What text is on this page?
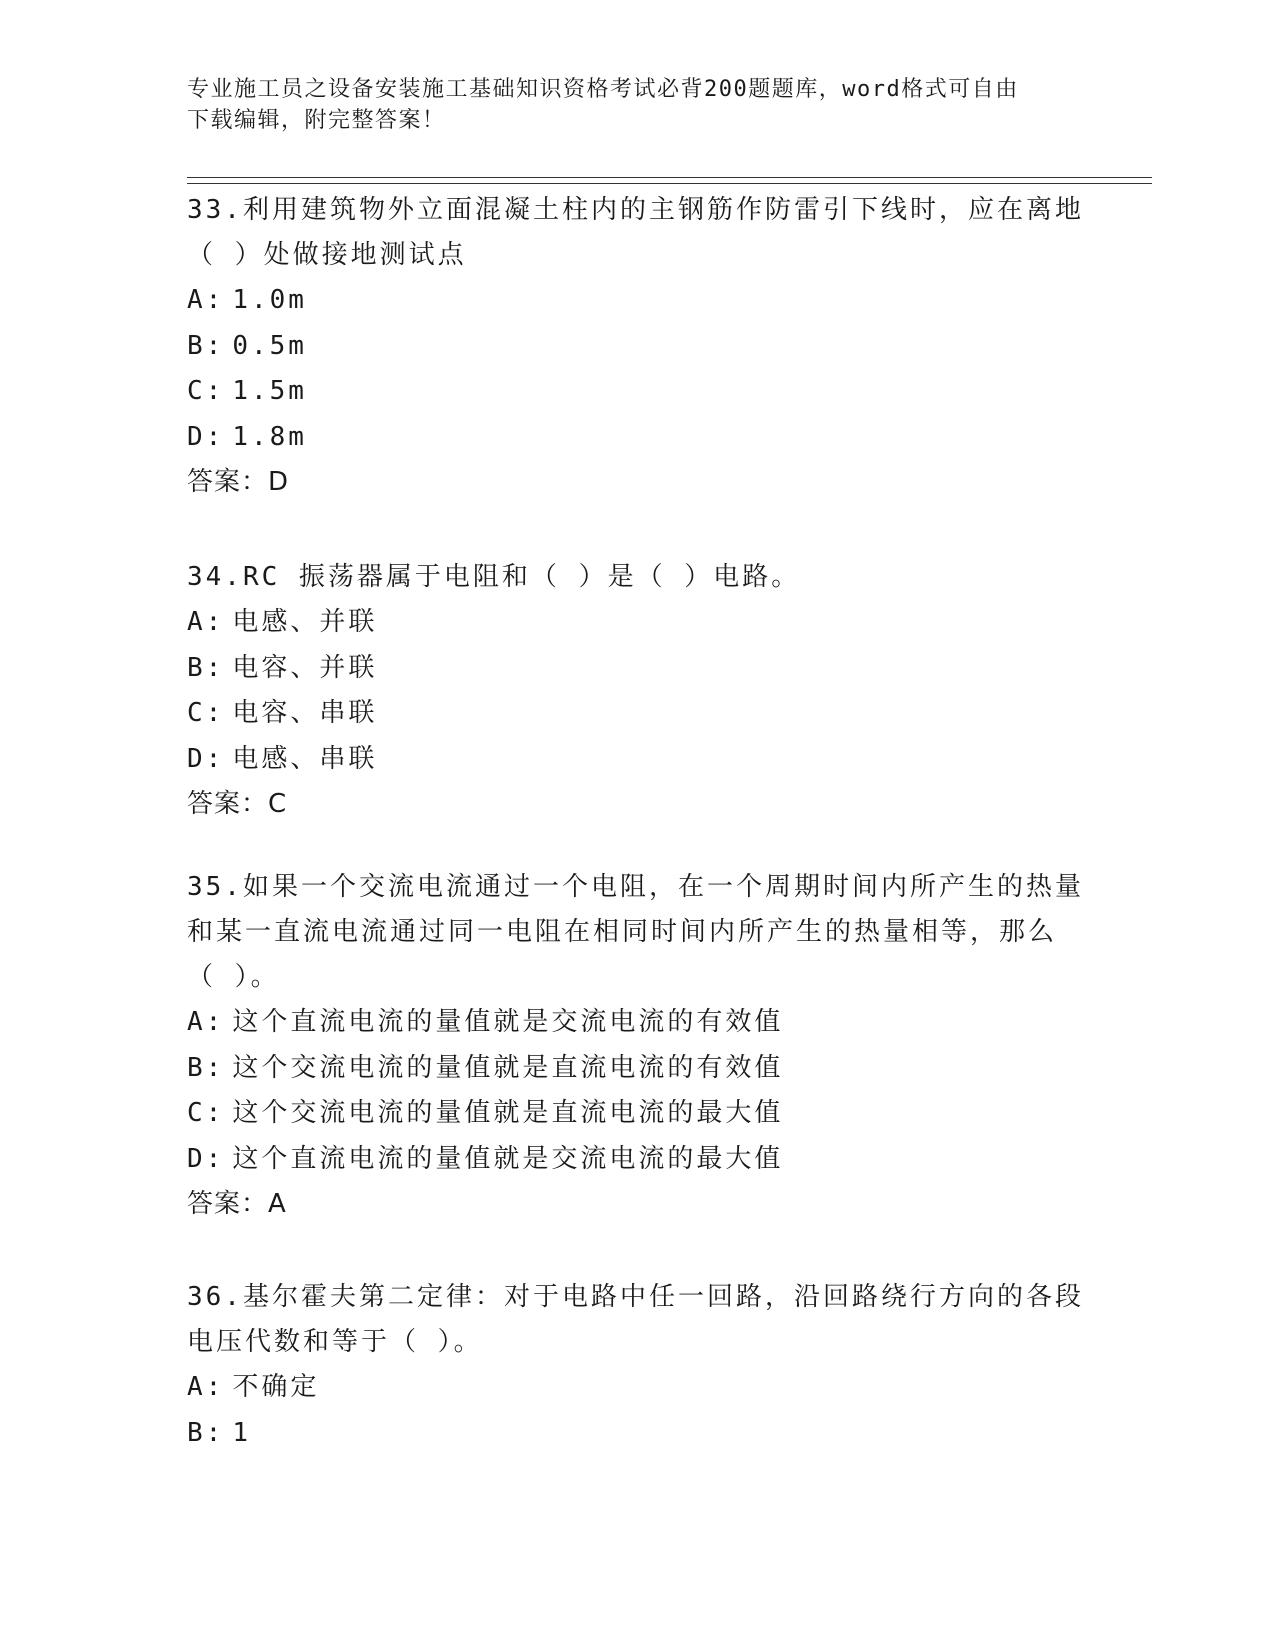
专业施工员之设备安装施工基础知识资格考试必背200题题库，word格式可自由
下载编辑，附完整答案！

33.利用建筑物外立面混凝土柱内的主钢筋作防雷引下线时，应在离地

（ ）处做接地测试点

A: 1.0m

B: 0.5m

C: 1.5m

D: 1.8m

答案：D

34.RC 振荡器属于电阻和（ ）是（ ）电路。

A: 电感、并联

B: 电容、并联

C: 电容、串联

D: 电感、串联

答案：C

35.如果一个交流电流通过一个电阻，在一个周期时间内所产生的热量

和某一直流电流通过同一电阻在相同时间内所产生的热量相等，那么

（ ）。

A: 这个直流电流的量值就是交流电流的有效值

B: 这个交流电流的量值就是直流电流的有效值

C: 这个交流电流的量值就是直流电流的最大值

D: 这个直流电流的量值就是交流电流的最大值

答案：A

36.基尔霍夫第二定律：对于电路中任一回路，沿回路绕行方向的各段

电压代数和等于（ ）。

A: 不确定

B: 1
